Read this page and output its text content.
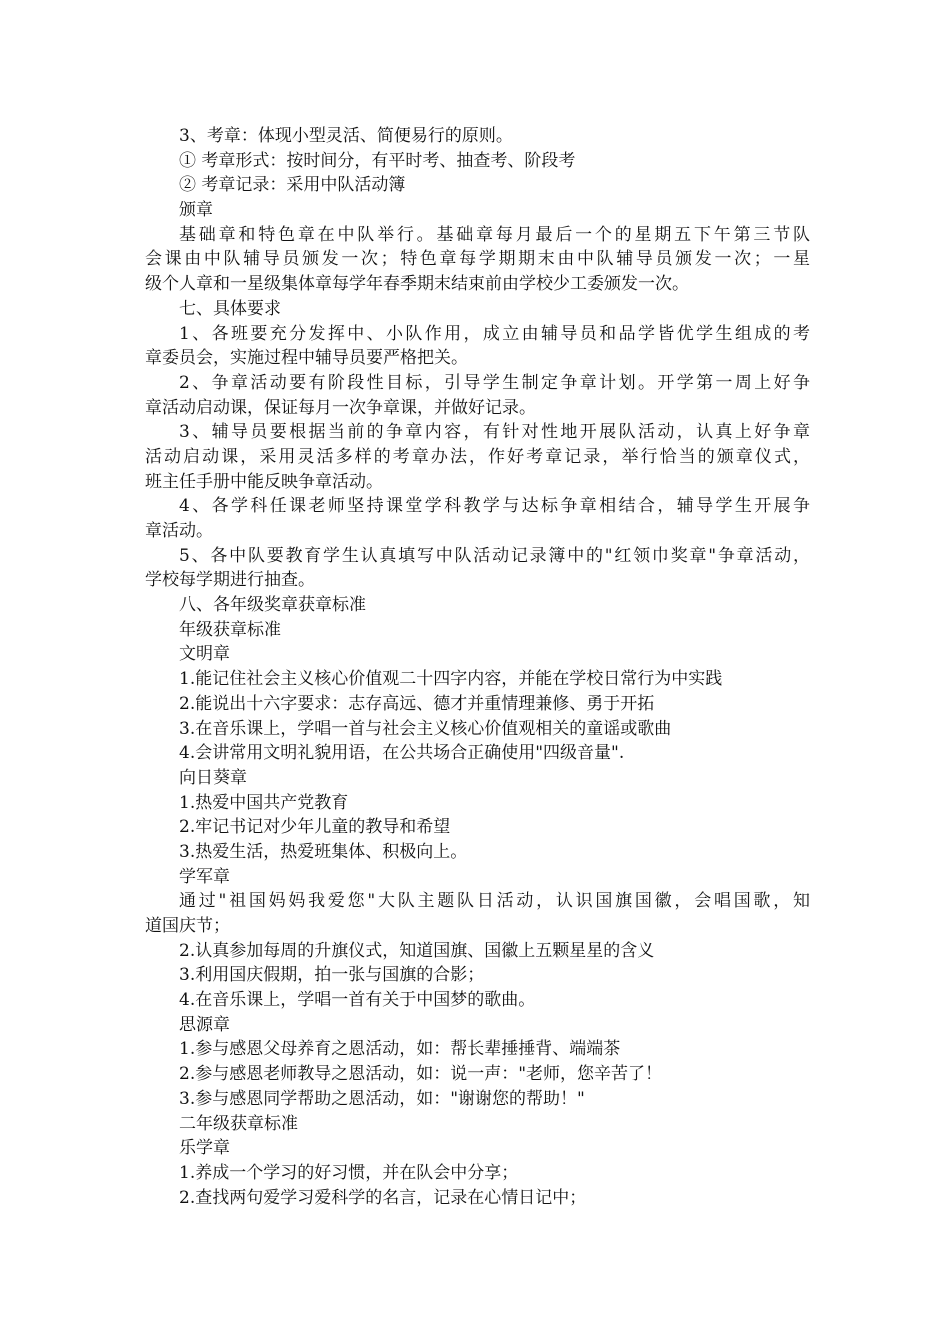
3、考章：体现小型灵活、简便易行的原则。
① 考章形式：按时间分，有平时考、抽查考、阶段考
② 考章记录：采用中队活动簿
颁章
基础章和特色章在中队举行。基础章每月最后一个的星期五下午第三节队
会课由中队辅导员颁发一次；特色章每学期期末由中队辅导员颁发一次；一星
级个人章和一星级集体章每学年春季期末结束前由学校少工委颁发一次。
七、具体要求
1、各班要充分发挥中、小队作用，成立由辅导员和品学皆优学生组成的考
章委员会，实施过程中辅导员要严格把关。
2、争章活动要有阶段性目标，引导学生制定争章计划。开学第一周上好争
章活动启动课，保证每月一次争章课，并做好记录。
3、辅导员要根据当前的争章内容，有针对性地开展队活动，认真上好争章
活动启动课，采用灵活多样的考章办法，作好考章记录，举行恰当的颁章仪式，
班主任手册中能反映争章活动。
4、各学科任课老师坚持课堂学科教学与达标争章相结合，辅导学生开展争
章活动。
5、各中队要教育学生认真填写中队活动记录簿中的"红领巾奖章"争章活动，
学校每学期进行抽查。
八、各年级奖章获章标准
年级获章标准
文明章
1.能记住社会主义核心价值观二十四字内容，并能在学校日常行为中实践
2.能说出十六字要求：志存高远、德才并重情理兼修、勇于开拓
3.在音乐课上，学唱一首与社会主义核心价值观相关的童谣或歌曲
4.会讲常用文明礼貌用语，在公共场合正确使用"四级音量".
向日葵章
1.热爱中国共产党教育
2.牢记书记对少年儿童的教导和希望
3.热爱生活，热爱班集体、积极向上。
学军章
通过"祖国妈妈我爱您"大队主题队日活动，认识国旗国徽，会唱国歌，知
道国庆节；
2.认真参加每周的升旗仪式，知道国旗、国徽上五颗星星的含义
3.利用国庆假期，拍一张与国旗的合影；
4.在音乐课上，学唱一首有关于中国梦的歌曲。
思源章
1.参与感恩父母养育之恩活动，如：帮长辈捶捶背、端端茶
2.参与感恩老师教导之恩活动，如：说一声："老师，您辛苦了！
3.参与感恩同学帮助之恩活动，如："谢谢您的帮助！"
二年级获章标准
乐学章
1.养成一个学习的好习惯，并在队会中分享；
2.查找两句爱学习爱科学的名言，记录在心情日记中；
